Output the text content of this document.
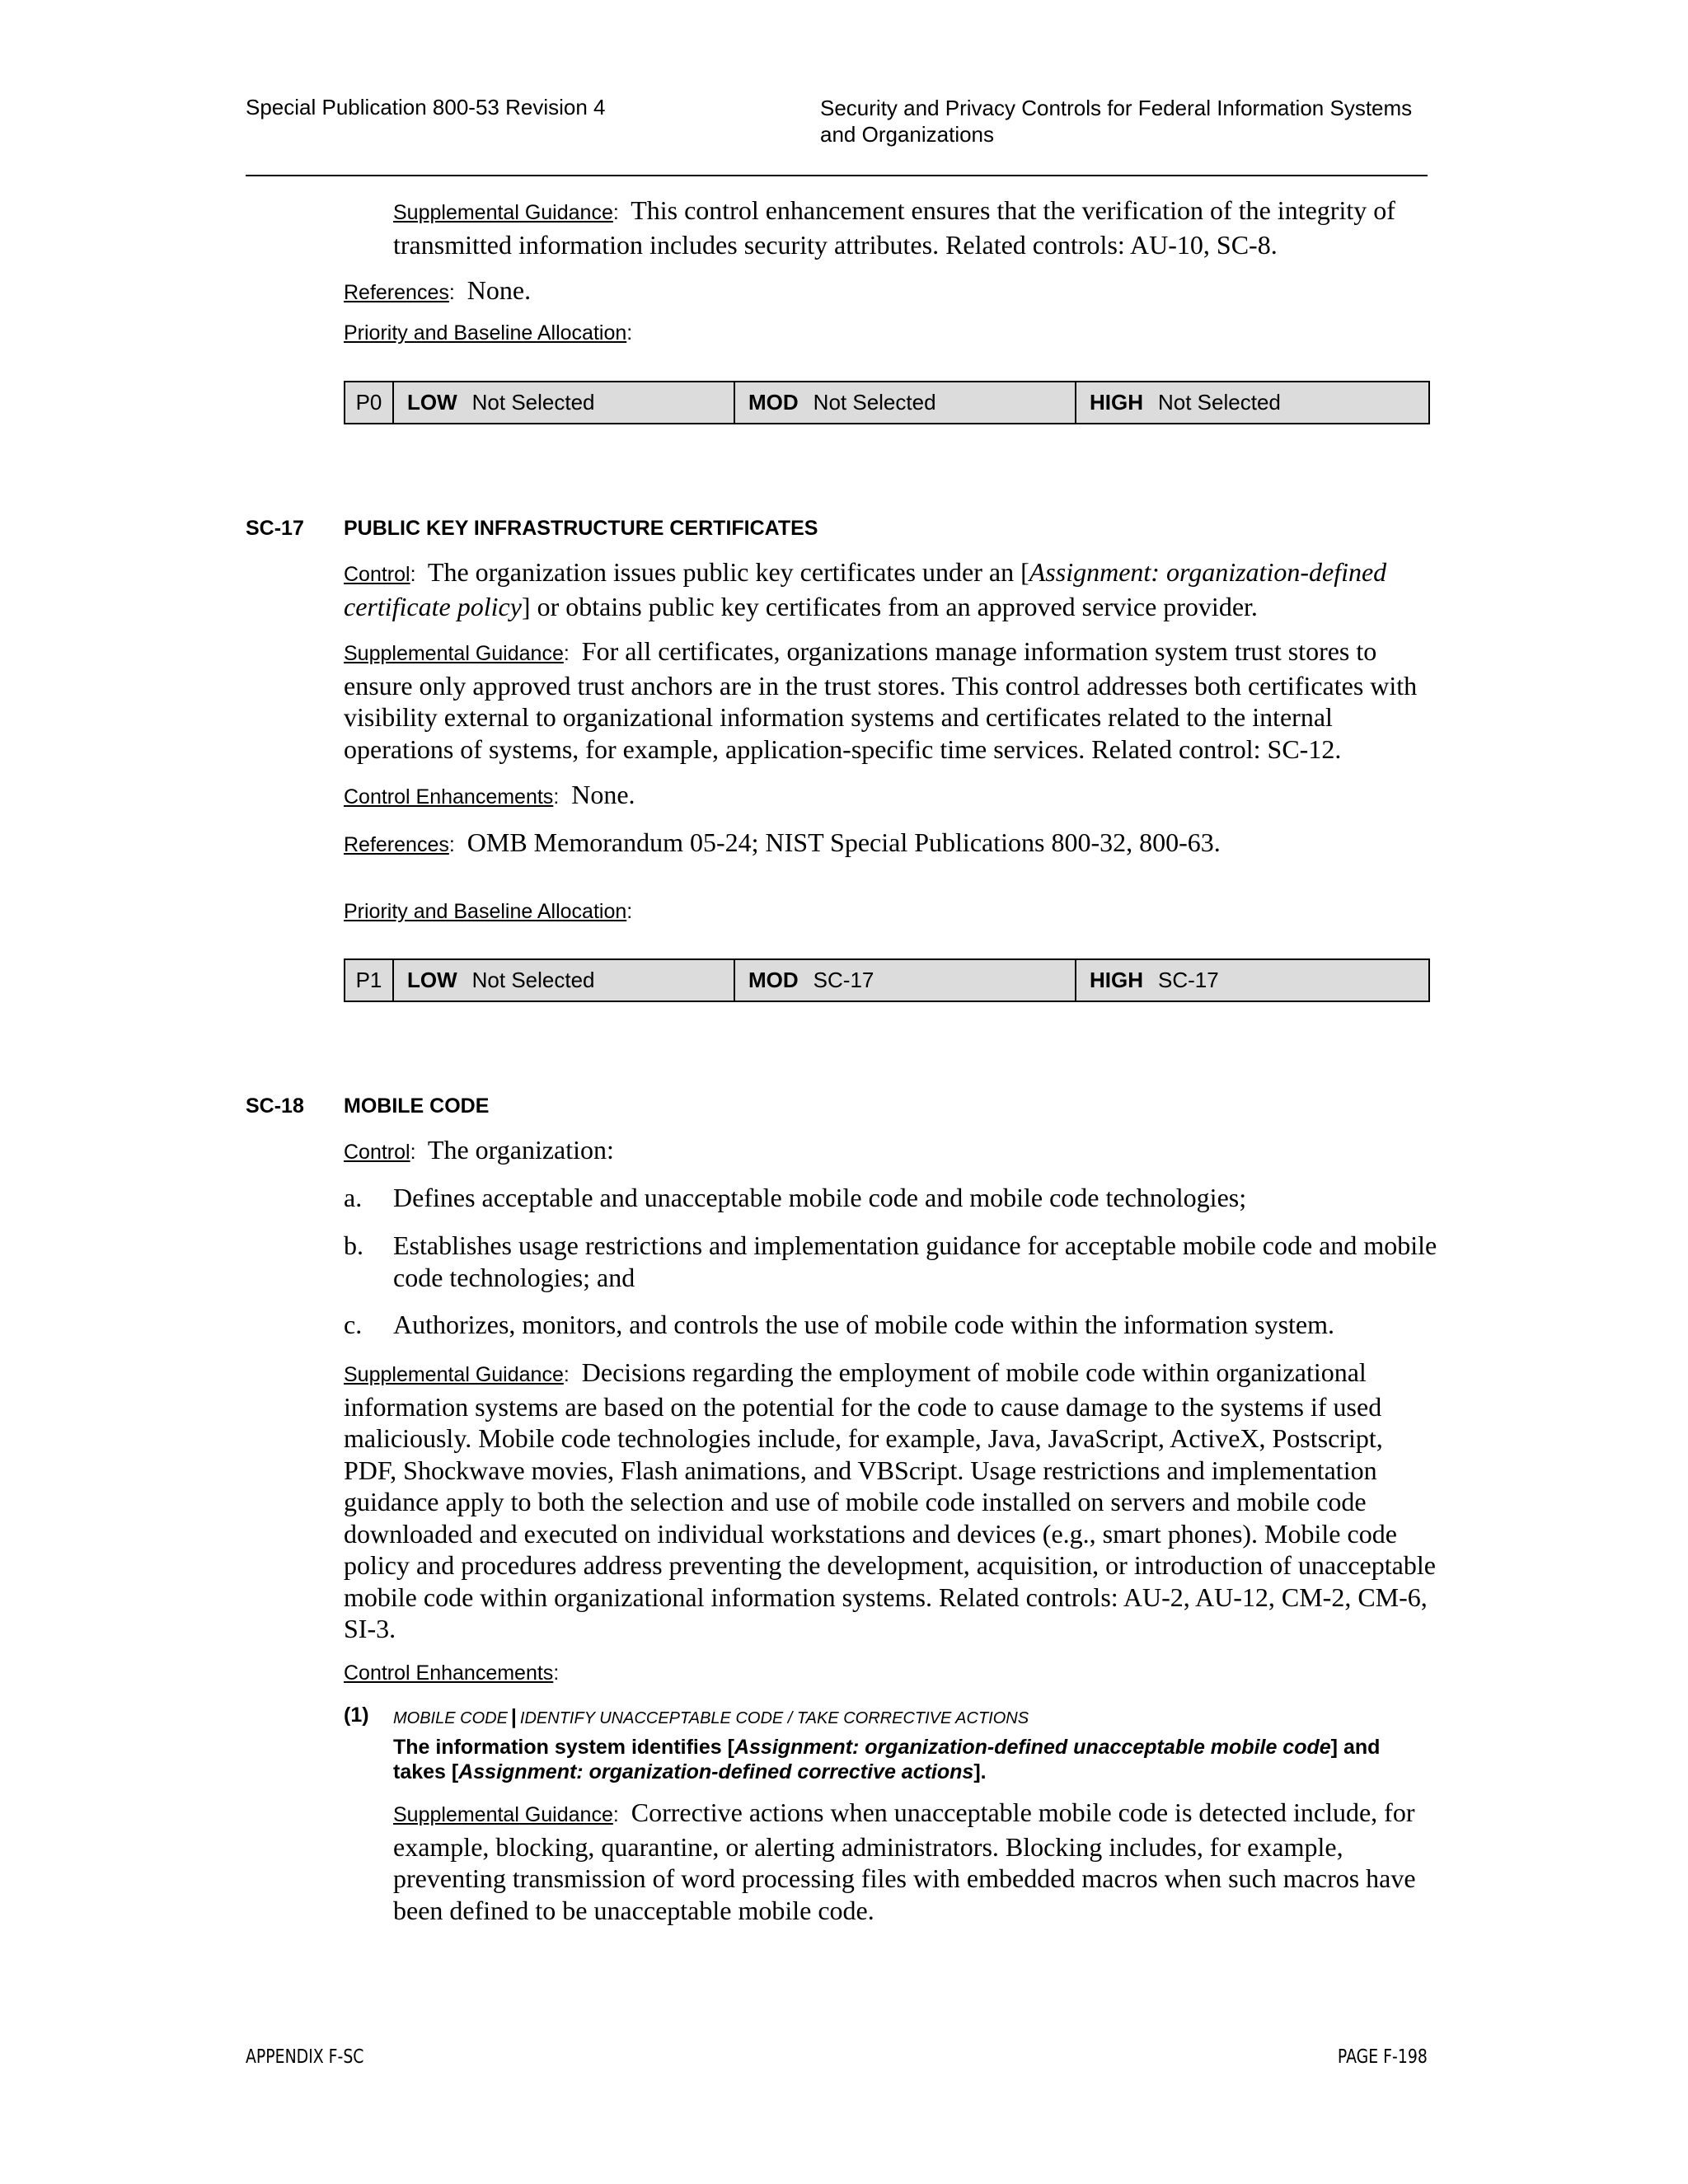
Special Publication 800-53 Revision 4	Security and Privacy Controls for Federal Information Systems and Organizations
Supplemental Guidance:  This control enhancement ensures that the verification of the integrity of transmitted information includes security attributes. Related controls: AU-10, SC-8.
References:  None.
Priority and Baseline Allocation:
P0	LOW Not Selected	MOD Not Selected	HIGH Not Selected
SC-17 PUBLIC KEY INFRASTRUCTURE CERTIFICATES
Control:  The organization issues public key certificates under an [Assignment: organization-defined certificate policy] or obtains public key certificates from an approved service provider.
Supplemental Guidance:  For all certificates, organizations manage information system trust stores to ensure only approved trust anchors are in the trust stores. This control addresses both certificates with visibility external to organizational information systems and certificates related to the internal operations of systems, for example, application-specific time services. Related control: SC-12.
Control Enhancements:  None.
References:  OMB Memorandum 05-24; NIST Special Publications 800-32, 800-63.
Priority and Baseline Allocation:
P1	LOW Not Selected	MOD SC-17	HIGH SC-17
SC-18 MOBILE CODE
Control:  The organization:
a. Defines acceptable and unacceptable mobile code and mobile code technologies;
b. Establishes usage restrictions and implementation guidance for acceptable mobile code and mobile code technologies; and
c. Authorizes, monitors, and controls the use of mobile code within the information system.
Supplemental Guidance:  Decisions regarding the employment of mobile code within organizational information systems are based on the potential for the code to cause damage to the systems if used maliciously. Mobile code technologies include, for example, Java, JavaScript, ActiveX, Postscript, PDF, Shockwave movies, Flash animations, and VBScript. Usage restrictions and implementation guidance apply to both the selection and use of mobile code installed on servers and mobile code downloaded and executed on individual workstations and devices (e.g., smart phones). Mobile code policy and procedures address preventing the development, acquisition, or introduction of unacceptable mobile code within organizational information systems. Related controls: AU-2, AU-12, CM-2, CM-6, SI-3.
Control Enhancements:
(1) MOBILE CODE | IDENTIFY UNACCEPTABLE CODE / TAKE CORRECTIVE ACTIONS
The information system identifies [Assignment: organization-defined unacceptable mobile code] and takes [Assignment: organization-defined corrective actions].
Supplemental Guidance:  Corrective actions when unacceptable mobile code is detected include, for example, blocking, quarantine, or alerting administrators. Blocking includes, for example, preventing transmission of word processing files with embedded macros when such macros have been defined to be unacceptable mobile code.
APPENDIX F-SC	PAGE F-198
